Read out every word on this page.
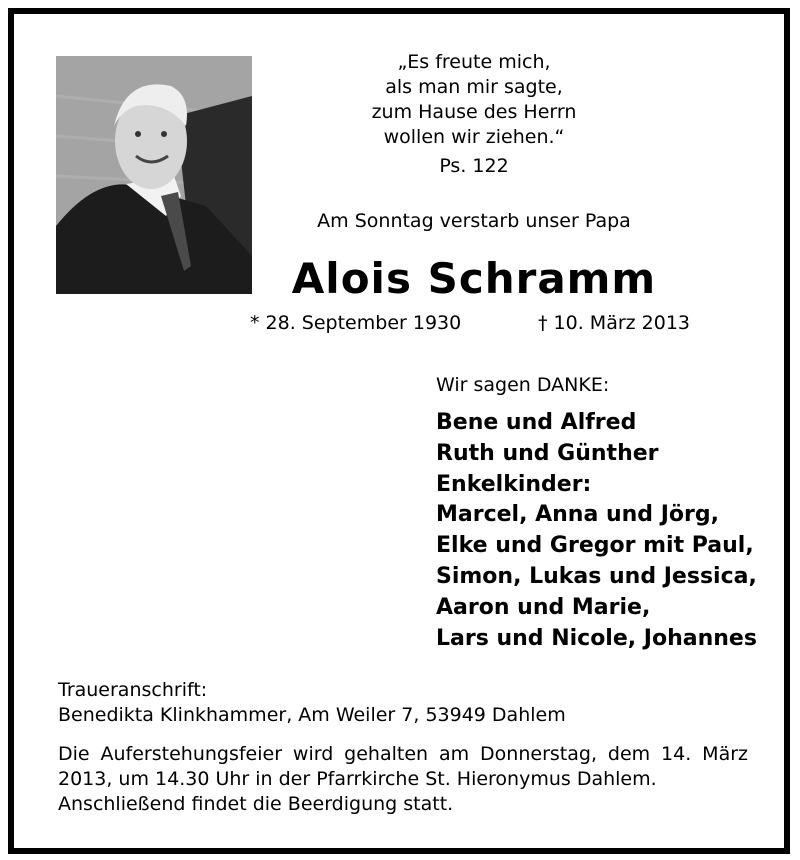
„Es freute mich,
als man mir sagte,
zum Hause des Herrn
wollen wir ziehen.“
Ps. 122
Am Sonntag verstarb unser Papa
Alois Schramm
* 28. September 1930	† 10. März 2013
Wir sagen DANKE:
Bene und Alfred
Ruth und Günther
Enkelkinder:
Marcel, Anna und Jörg,
Elke und Gregor mit Paul,
Simon, Lukas und Jessica,
Aaron und Marie,
Lars und Nicole, Johannes
Traueranschrift:
Benedikta Klinkhammer, Am Weiler 7, 53949 Dahlem
Die Auferstehungsfeier wird gehalten am Donnerstag, dem 14. März
2013, um 14.30 Uhr in der Pfarrkirche St. Hieronymus Dahlem.
Anschließend findet die Beerdigung statt.
